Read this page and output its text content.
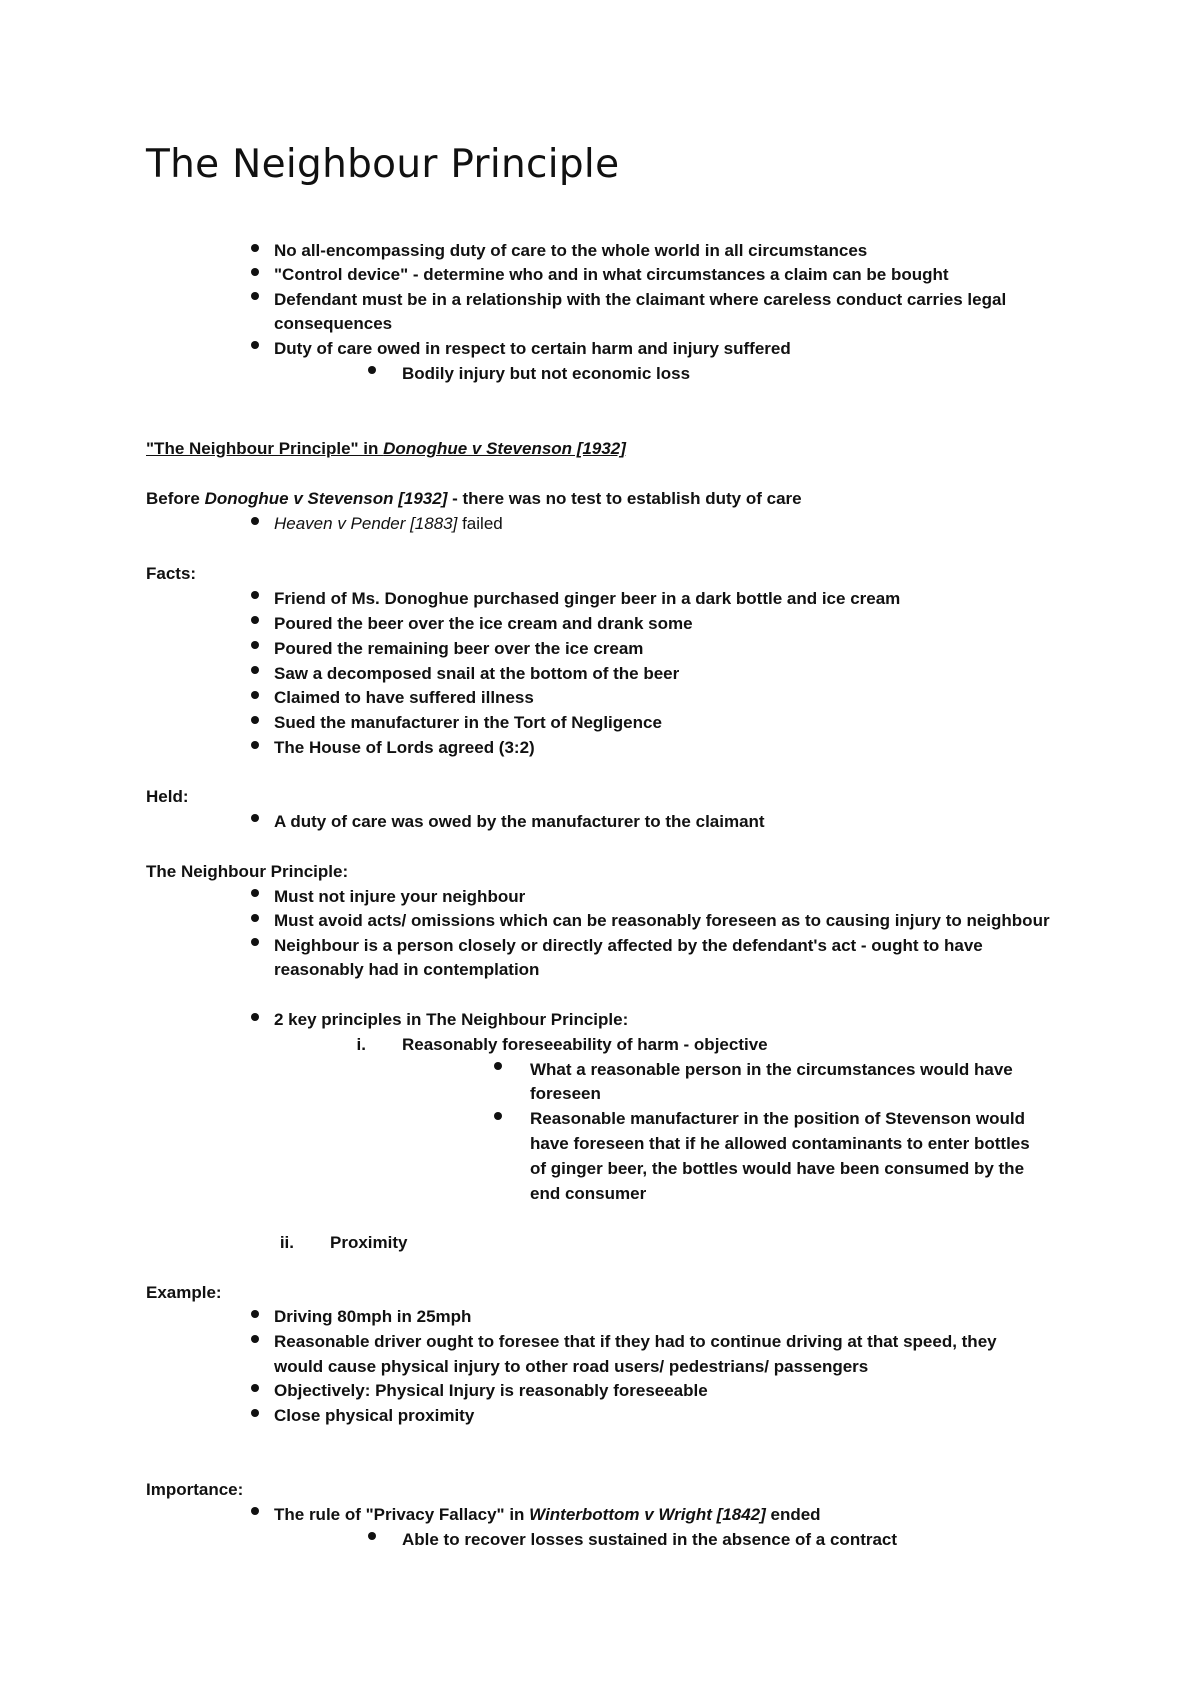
The Neighbour Principle
No all-encompassing duty of care to the whole world in all circumstances
"Control device" - determine who and in what circumstances a claim can be bought
Defendant must be in a relationship with the claimant where careless conduct carries legal
consequences
Duty of care owed in respect to certain harm and injury suffered
Bodily injury but not economic loss
"The Neighbour Principle" in Donoghue v Stevenson [1932]
Before Donoghue v Stevenson [1932] - there was no test to establish duty of care
Heaven v Pender [1883] failed
Facts:
Friend of Ms. Donoghue purchased ginger beer in a dark bottle and ice cream
Poured the beer over the ice cream and drank some
Poured the remaining beer over the ice cream
Saw a decomposed snail at the bottom of the beer
Claimed to have suffered illness
Sued the manufacturer in the Tort of Negligence
The House of Lords agreed (3:2)
Held:
A duty of care was owed by the manufacturer to the claimant
The Neighbour Principle:
Must not injure your neighbour
Must avoid acts/ omissions which can be reasonably foreseen as to causing injury to neighbour
Neighbour is a person closely or directly affected by the defendant's act - ought to have
reasonably had in contemplation
2 key principles in The Neighbour Principle:
i. Reasonably foreseeability of harm - objective
What a reasonable person in the circumstances would have
foreseen
Reasonable manufacturer in the position of Stevenson would
have foreseen that if he allowed contaminants to enter bottles
of ginger beer, the bottles would have been consumed by the
end consumer
ii. Proximity
Example:
Driving 80mph in 25mph
Reasonable driver ought to foresee that if they had to continue driving at that speed, they
would cause physical injury to other road users/ pedestrians/ passengers
Objectively: Physical Injury is reasonably foreseeable
Close physical proximity
Importance:
The rule of "Privacy Fallacy" in Winterbottom v Wright [1842] ended
Able to recover losses sustained in the absence of a contract
